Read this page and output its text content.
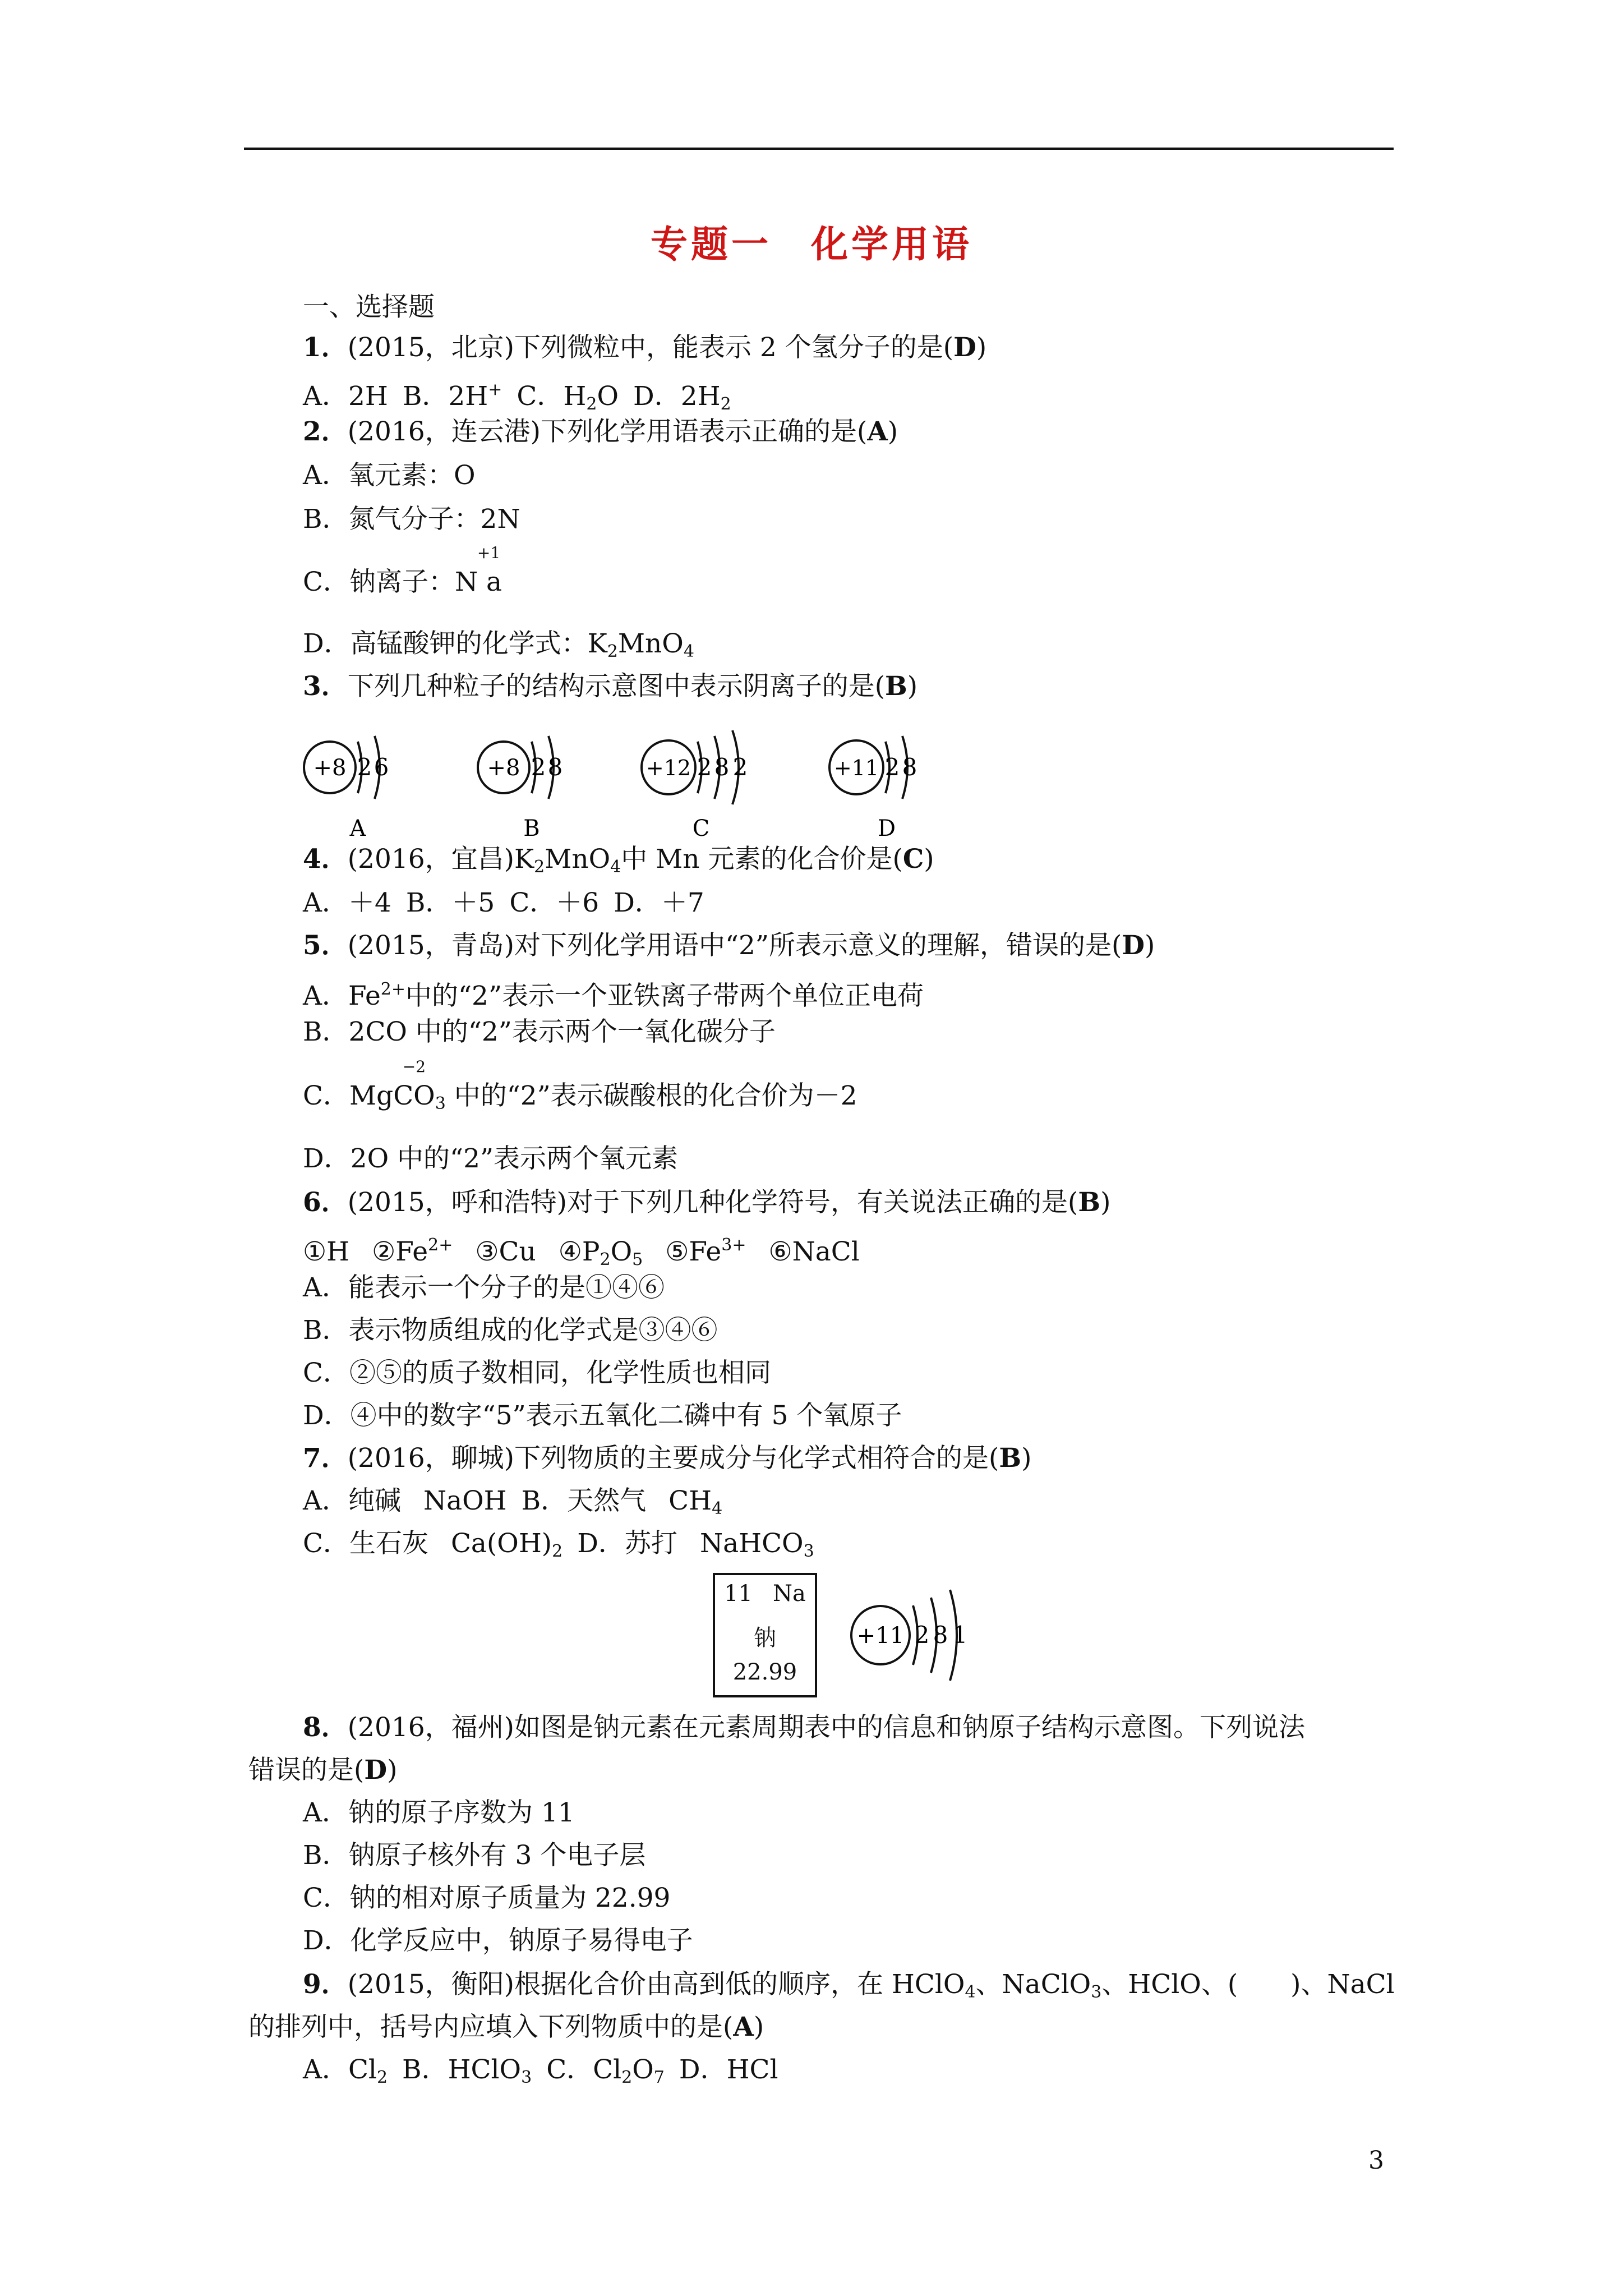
专题一 化学用语
一、选择题
1．(2015，北京)下列微粒中，能表示 2 个氢分子的是(D)
A．2H B．2H+ C．$H_2O$ D．$2H_2$
2．(2016，连云港)下列化学用语表示正确的是(A)
A．氧元素：O
B．氮气分子：2N
C．钠离子：N a
+1
D．高锰酸钾的化学式：$K_2MnO_4$
3．下列几种粒子的结构示意图中表示阴离子的是(B)
+8 2 6
A
+8 2 8
B
+12 2 8 2
C
+11 2 8
D
4．(2016，宜昌)$K_2MnO_4$中 Mn 元素的化合价是(C)
A．＋4 B．＋5 C．＋6 D．＋7
5．(2015，青岛)对下列化学用语中“2”所表示意义的理解，错误的是(D)
A．$Fe^{2+}$中的“2”表示一个亚铁离子带两个单位正电荷
B．2CO 中的“2”表示两个一氧化碳分子
C．MgCO
−2
$_3$ 中的“2”表示碳酸根的化合价为－2
D．2O 中的“2”表示两个氧元素
6．(2015，呼和浩特)对于下列几种化学符号，有关说法正确的是(B)
①H $②Fe^{2+}$ ③Cu $④P_2O_5$ $⑤Fe^{3+}$ ⑥NaCl
A．能表示一个分子的是①④⑥
B．表示物质组成的化学式是③④⑥
C．②⑤的质子数相同，化学性质也相同
D．④中的数字“5”表示五氧化二磷中有 5 个氧原子
7．(2016，聊城)下列物质的主要成分与化学式相符合的是(B)
A．纯碱 NaOH B．天然气 $CH_4$
C．生石灰 $Ca(OH)_2$ D．苏打 NaHCO$_3$
11 Na
钠
22.99
+11 2 8 1
8．(2016，福州)如图是钠元素在元素周期表中的信息和钠原子结构示意图。下列说法
错误的是(D)
A．钠的原子序数为 11
B．钠原子核外有 3 个电子层
C．钠的相对原子质量为 22.99
D．化学反应中，钠原子易得电子
9．(2015，衡阳)根据化合价由高到低的顺序，在 HClO$_4$、NaClO$_3$、HClO、(　　)、NaCl
的排列中，括号内应填入下列物质中的是(A)
A．$Cl_2$ B．HClO$_3$ C．$Cl_2O_7$ D．HCl
3
